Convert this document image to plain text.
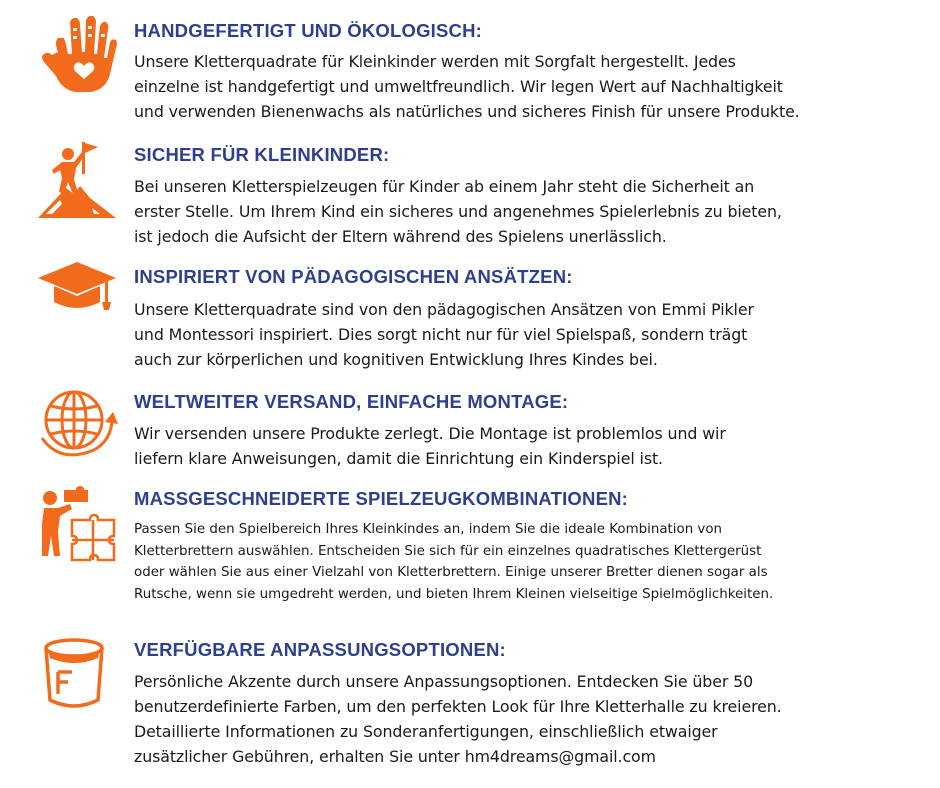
HANDGEFERTIGT UND ÖKOLOGISCH:

Unsere Kletterquadrate für Kleinkinder werden mit Sorgfalt hergestellt. Jedes
einzelne ist handgefertigt und umweltfreundlich. Wir legen Wert auf Nachhaltigkeit
und verwenden Bienenwachs als natürliches und sicheres Finish für unsere Produkte.

SICHER FÜR KLEINKINDER:

Bei unseren Kletterspielzeugen für Kinder ab einem Jahr steht die Sicherheit an
erster Stelle. Um Ihrem Kind ein sicheres und angenehmes Spielerlebnis zu bieten,
ist jedoch die Aufsicht der Eltern während des Spielens unerlässlich.

INSPIRIERT VON PÄDAGOGISCHEN ANSÄTZEN:

Unsere Kletterquadrate sind von den pädagogischen Ansätzen von Emmi Pikler
und Montessori inspiriert. Dies sorgt nicht nur für viel Spielspaß, sondern trägt
auch zur körperlichen und kognitiven Entwicklung Ihres Kindes bei.

WELTWEITER VERSAND, EINFACHE MONTAGE:

Wir versenden unsere Produkte zerlegt. Die Montage ist problemlos und wir
liefern klare Anweisungen, damit die Einrichtung ein Kinderspiel ist.

MASSGESCHNEIDERTE SPIELZEUGKOMBINATIONEN:

Passen Sie den Spielbereich Ihres Kleinkindes an, indem Sie die ideale Kombination von
Kletterbrettern auswählen. Entscheiden Sie sich für ein einzelnes quadratisches Klettergerüst
oder wählen Sie aus einer Vielzahl von Kletterbrettern. Einige unserer Bretter dienen sogar als
Rutsche, wenn sie umgedreht werden, und bieten Ihrem Kleinen vielseitige Spielmöglichkeiten.

VERFÜGBARE ANPASSUNGSOPTIONEN:

Persönliche Akzente durch unsere Anpassungsoptionen. Entdecken Sie über 50
benutzerdefinierte Farben, um den perfekten Look für Ihre Kletterhalle zu kreieren.
Detaillierte Informationen zu Sonderanfertigungen, einschließlich etwaiger
zusätzlicher Gebühren, erhalten Sie unter hm4dreams@gmail.com
